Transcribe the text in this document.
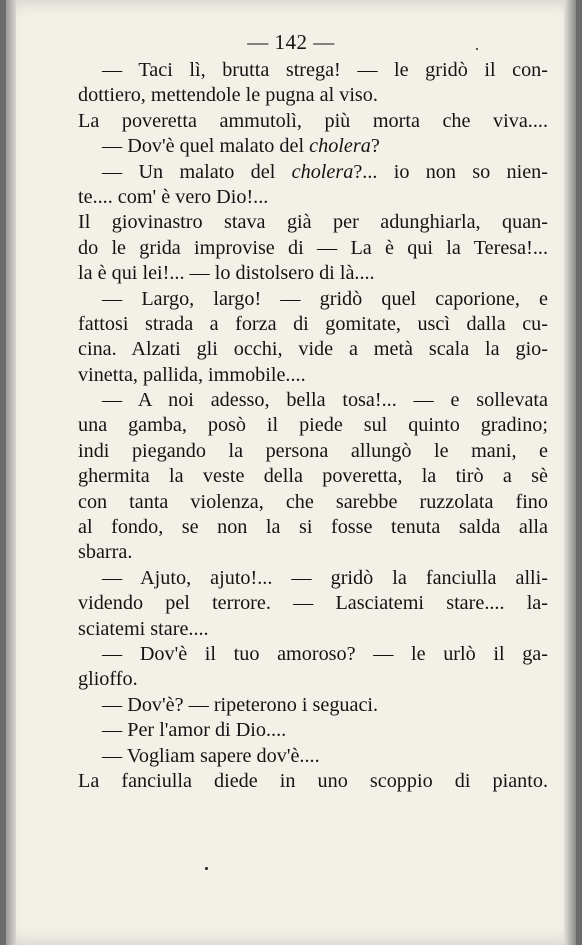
— 142 —
— Taci lì, brutta strega! — le gridò il con-
dottiero, mettendole le pugna al viso.
La poveretta ammutolì, più morta che viva....
— Dov'è quel malato del cholera?
— Un malato del cholera?... io non so nien-
te.... com' è vero Dio!...
Il giovinastro stava già per adunghiarla, quan-
do le grida improvise di — La è qui la Teresa!...
la è qui lei!... — lo distolsero di là....
— Largo, largo! — gridò quel caporione, e
fattosi strada a forza di gomitate, uscì dalla cu-
cina. Alzati gli occhi, vide a metà scala la gio-
vinetta, pallida, immobile....
— A noi adesso, bella tosa!... — e sollevata
una gamba, posò il piede sul quinto gradino;
indi piegando la persona allungò le mani, e
ghermita la veste della poveretta, la tirò a sè
con tanta violenza, che sarebbe ruzzolata fino
al fondo, se non la si fosse tenuta salda alla
sbarra.
— Ajuto, ajuto!... — gridò la fanciulla alli-
videndo pel terrore. — Lasciatemi stare.... la-
sciatemi stare....
— Dov'è il tuo amoroso? — le urlò il ga-
glioffo.
— Dov'è? — ripeterono i seguaci.
— Per l'amor di Dio....
— Vogliam sapere dov'è....
La fanciulla diede in uno scoppio di pianto.
